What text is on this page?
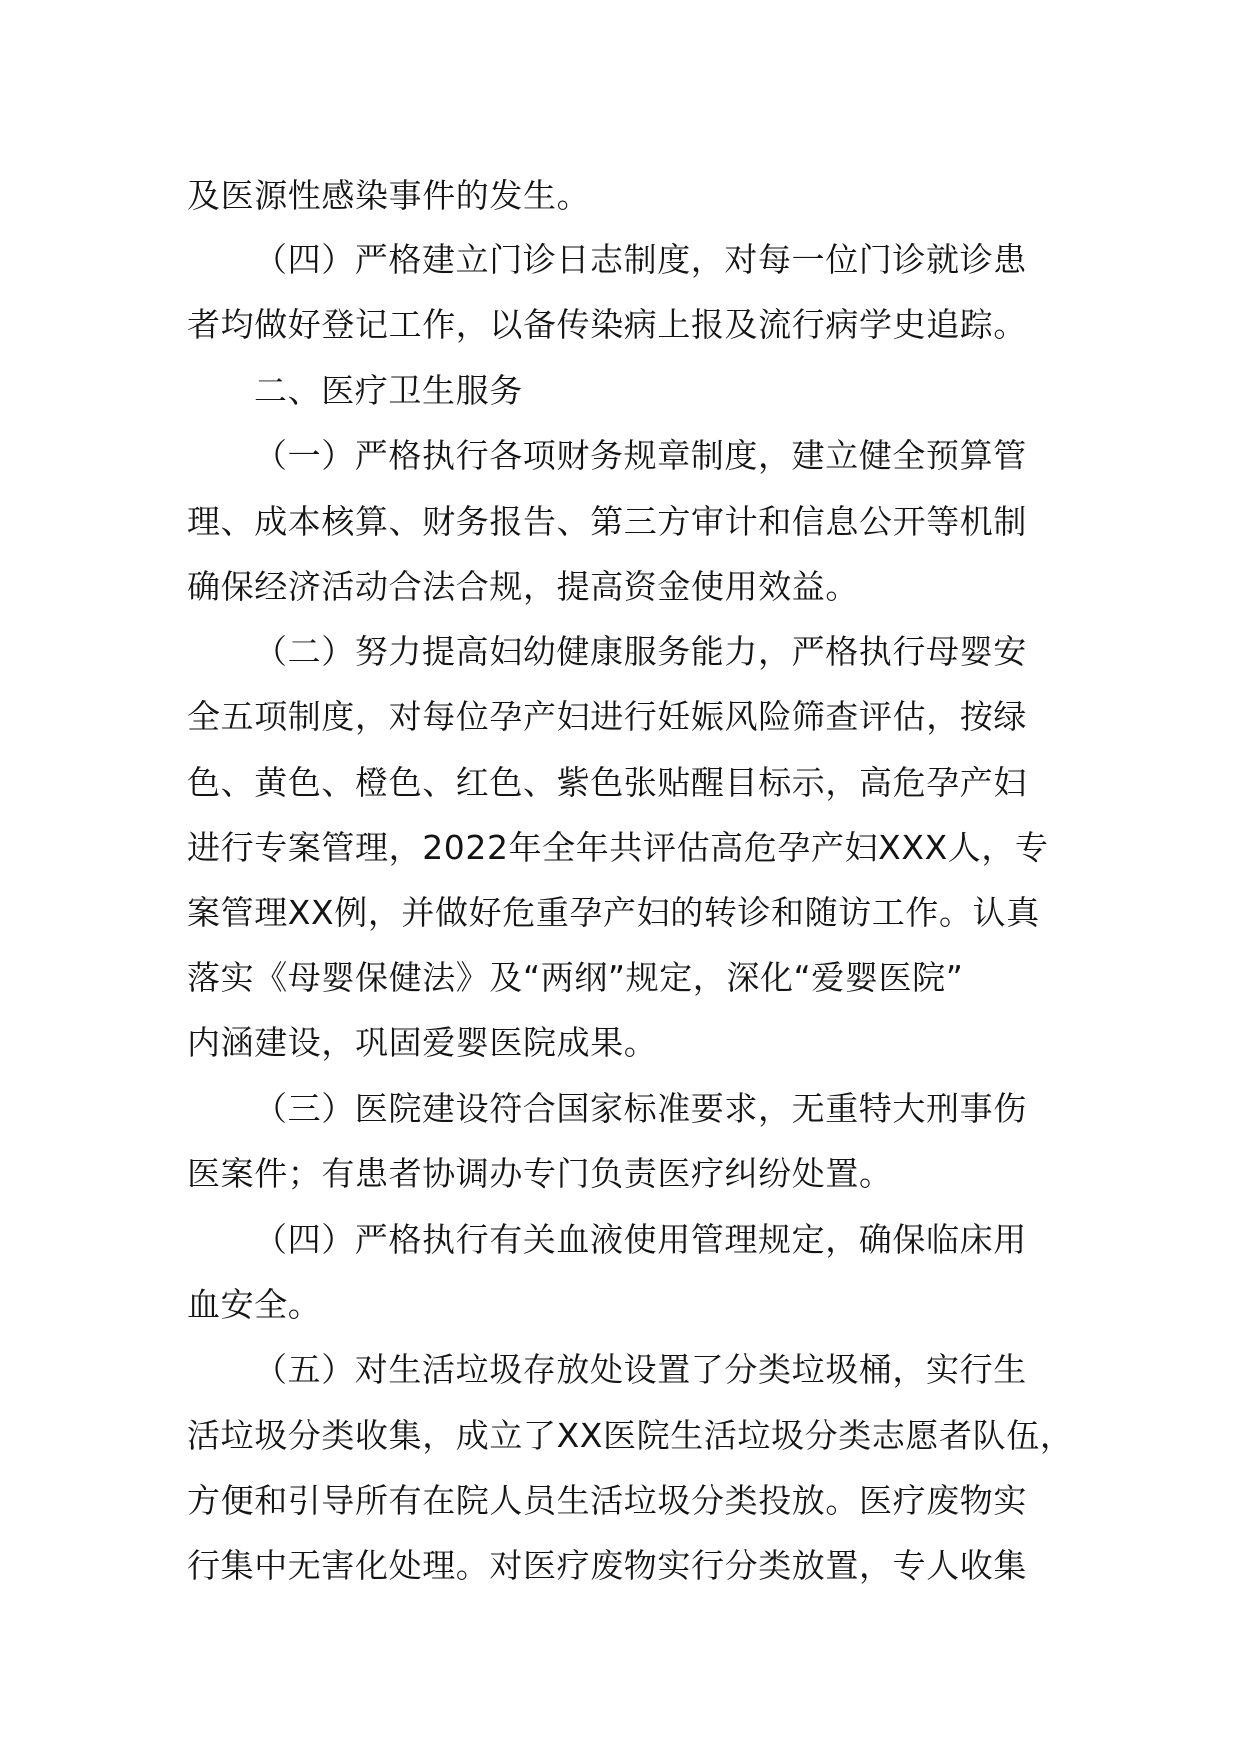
及医源性感染事件的发生。
（四）严格建立门诊日志制度，对每一位门诊就诊患
者均做好登记工作，以备传染病上报及流行病学史追踪。
二、医疗卫生服务
（一）严格执行各项财务规章制度，建立健全预算管
理、成本核算、财务报告、第三方审计和信息公开等机制
确保经济活动合法合规，提高资金使用效益。
（二）努力提高妇幼健康服务能力，严格执行母婴安
全五项制度，对每位孕产妇进行妊娠风险筛查评估，按绿
色、黄色、橙色、红色、紫色张贴醒目标示，高危孕产妇
进行专案管理，2022年全年共评估高危孕产妇XXX人，专
案管理XX例，并做好危重孕产妇的转诊和随访工作。认真
落实《母婴保健法》及“两纲”规定，深化“爱婴医院”
内涵建设，巩固爱婴医院成果。
（三）医院建设符合国家标准要求，无重特大刑事伤
医案件；有患者协调办专门负责医疗纠纷处置。
（四）严格执行有关血液使用管理规定，确保临床用
血安全。
（五）对生活垃圾存放处设置了分类垃圾桶，实行生
活垃圾分类收集，成立了XX医院生活垃圾分类志愿者队伍，
方便和引导所有在院人员生活垃圾分类投放。医疗废物实
行集中无害化处理。对医疗废物实行分类放置，专人收集
